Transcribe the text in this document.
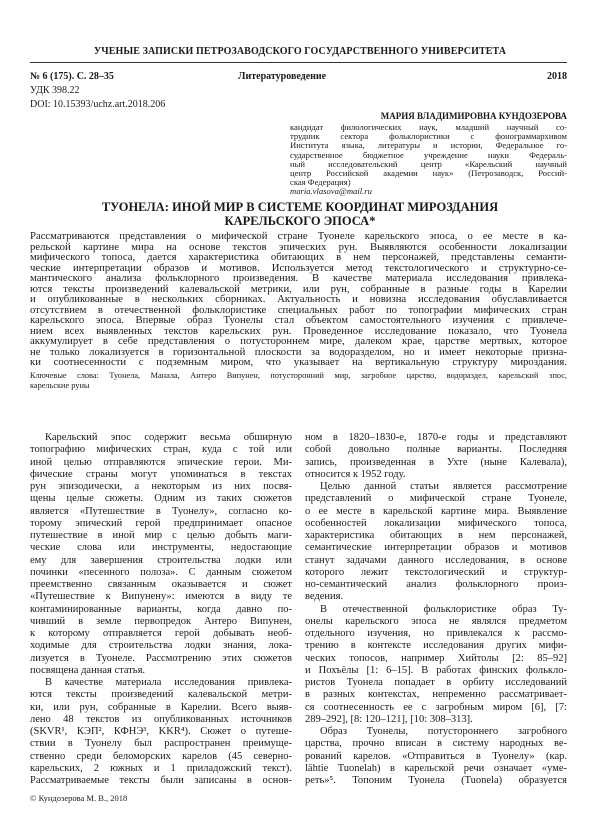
УЧЕНЫЕ ЗАПИСКИ ПЕТРОЗАВОДСКОГО ГОСУДАРСТВЕННОГО УНИВЕРСИТЕТА
№ 6 (175). С. 28–35	Литературоведение	2018
УДК 398.22
DOI: 10.15393/uchz.art.2018.206
МАРИЯ ВЛАДИМИРОВНА КУНДОЗЕРОВА
кандидат филологических наук, младший научный со-
трудник сектора фольклористики с фонограммархивом
Института языка, литературы и истории, Федеральное го-
сударственное бюджетное учреждение науки Федераль-
ный исследовательский центр «Карельский научный
центр Российской академии наук» (Петрозаводск, Россий-
ская Федерация)
maria.vlasova@mail.ru
ТУОНЕЛА: ИНОЙ МИР В СИСТЕМЕ КООРДИНАТ МИРОЗДАНИЯ
КАРЕЛЬСКОГО ЭПОСА*
Рассматриваются представления о мифической стране Туонеле карельского эпоса, о ее месте в ка-
рельской картине мира на основе текстов эпических рун. Выявляются особенности локализации
мифического топоса, дается характеристика обитающих в нем персонажей, представлены семанти-
ческие интерпретации образов и мотивов. Используется метод текстологического и структурно-се-
мантического анализа фольклорного произведения. В качестве материала исследования привлека-
ются тексты произведений калевальской метрики, или рун, собранные в разные годы в Карелии
и опубликованные в нескольких сборниках. Актуальность и новизна исследования обуславливается
отсутствием в отечественной фольклористике специальных работ по топографии мифических стран
карельского эпоса. Впервые образ Туонелы стал объектом самостоятельного изучения с привлече-
нием всех выявленных текстов карельских рун. Проведенное исследование показало, что Туонела
аккумулирует в себе представления о потустороннем мире, далеком крае, царстве мертвых, которое
не только локализуется в горизонтальной плоскости за водоразделом, но и имеет некоторые призна-
ки соотнесенности с подземным миром, что указывает на вертикальную структуру мироздания.
Ключевые слова: Туонела, Манала, Антеро Випунен, потусторонний мир, загробное царство, водораздел, карельский эпос,
карельские руны
Карельский эпос содержит весьма обширную
топографию мифических стран, куда с той или
иной целью отправляются эпические герои. Ми-
фические страны могут упоминаться в текстах
рун эпизодически, а некоторым из них посвя-
щены целые сюжеты. Одним из таких сюжетов
является «Путешествие в Туонелу», согласно ко-
торому эпический герой предпринимает опасное
путешествие в иной мир с целью добыть маги-
ческие слова или инструменты, недостающие
ему для завершения строительства лодки или
починки «песенного полоза». С данным сюжетом
преемственно связанным оказывается и сюжет
«Путешествие к Випунену»: имеются в виду те
контаминированные варианты, когда давно по-
чивший в земле первопредок Антеро Випунен,
к которому отправляется герой добывать необ-
ходимые для строительства лодки знания, лока-
лизуется в Туонеле. Рассмотрению этих сюжетов
посвящена данная статья.
В качестве материала исследования привлека-
ются тексты произведений калевальской метри-
ки, или рун, собранные в Карелии. Всего выяв-
лено 48 текстов из опубликованных источников
(SKVR¹, КЭП², КФНЭ³, KKR⁴). Сюжет о путеше-
ствии в Туонелу был распространен преимуще-
ственно среди беломорских карелов (45 северно-
карельских, 2 южных и 1 приладожский текст).
Рассматриваемые тексты были записаны в основ-
ном в 1820–1830-е, 1870-е годы и представляют
собой довольно полные варианты. Последняя
запись, произведенная в Ухте (ныне Калевала),
относится к 1952 году.
Целью данной статьи является рассмотрение
представлений о мифической стране Туонеле,
о ее месте в карельской картине мира. Выявление
особенностей локализации мифического топоса,
характеристика обитающих в нем персонажей,
семантические интерпретации образов и мотивов
станут задачами данного исследования, в основе
которого лежит текстологический и структур-
но-семантический анализ фольклорного произ-
ведения.
В отечественной фольклористике образ Ту-
онелы карельского эпоса не являлся предметом
отдельного изучения, но привлекался к рассмо-
трению в контексте исследования других мифи-
ческих топосов, например Хийтолы [2: 85–92]
и Похъёлы [1: 6–15]. В работах финских фолькло-
ристов Туонела попадает в орбиту исследований
в разных контекстах, непременно рассматривает-
ся соотнесенность ее с загробным миром [6], [7:
289–292], [8: 120–121], [10: 308–313].
Образ Туонелы, потустороннего загробного
царства, прочно вписан в систему народных ве-
рований карелов. «Отправиться в Туонелу» (кар.
lähtie Tuonelah) в карельской речи означает «уме-
реть»⁵. Топоним Туонела (Tuonela) образуется
© Кундозерова М. В., 2018
